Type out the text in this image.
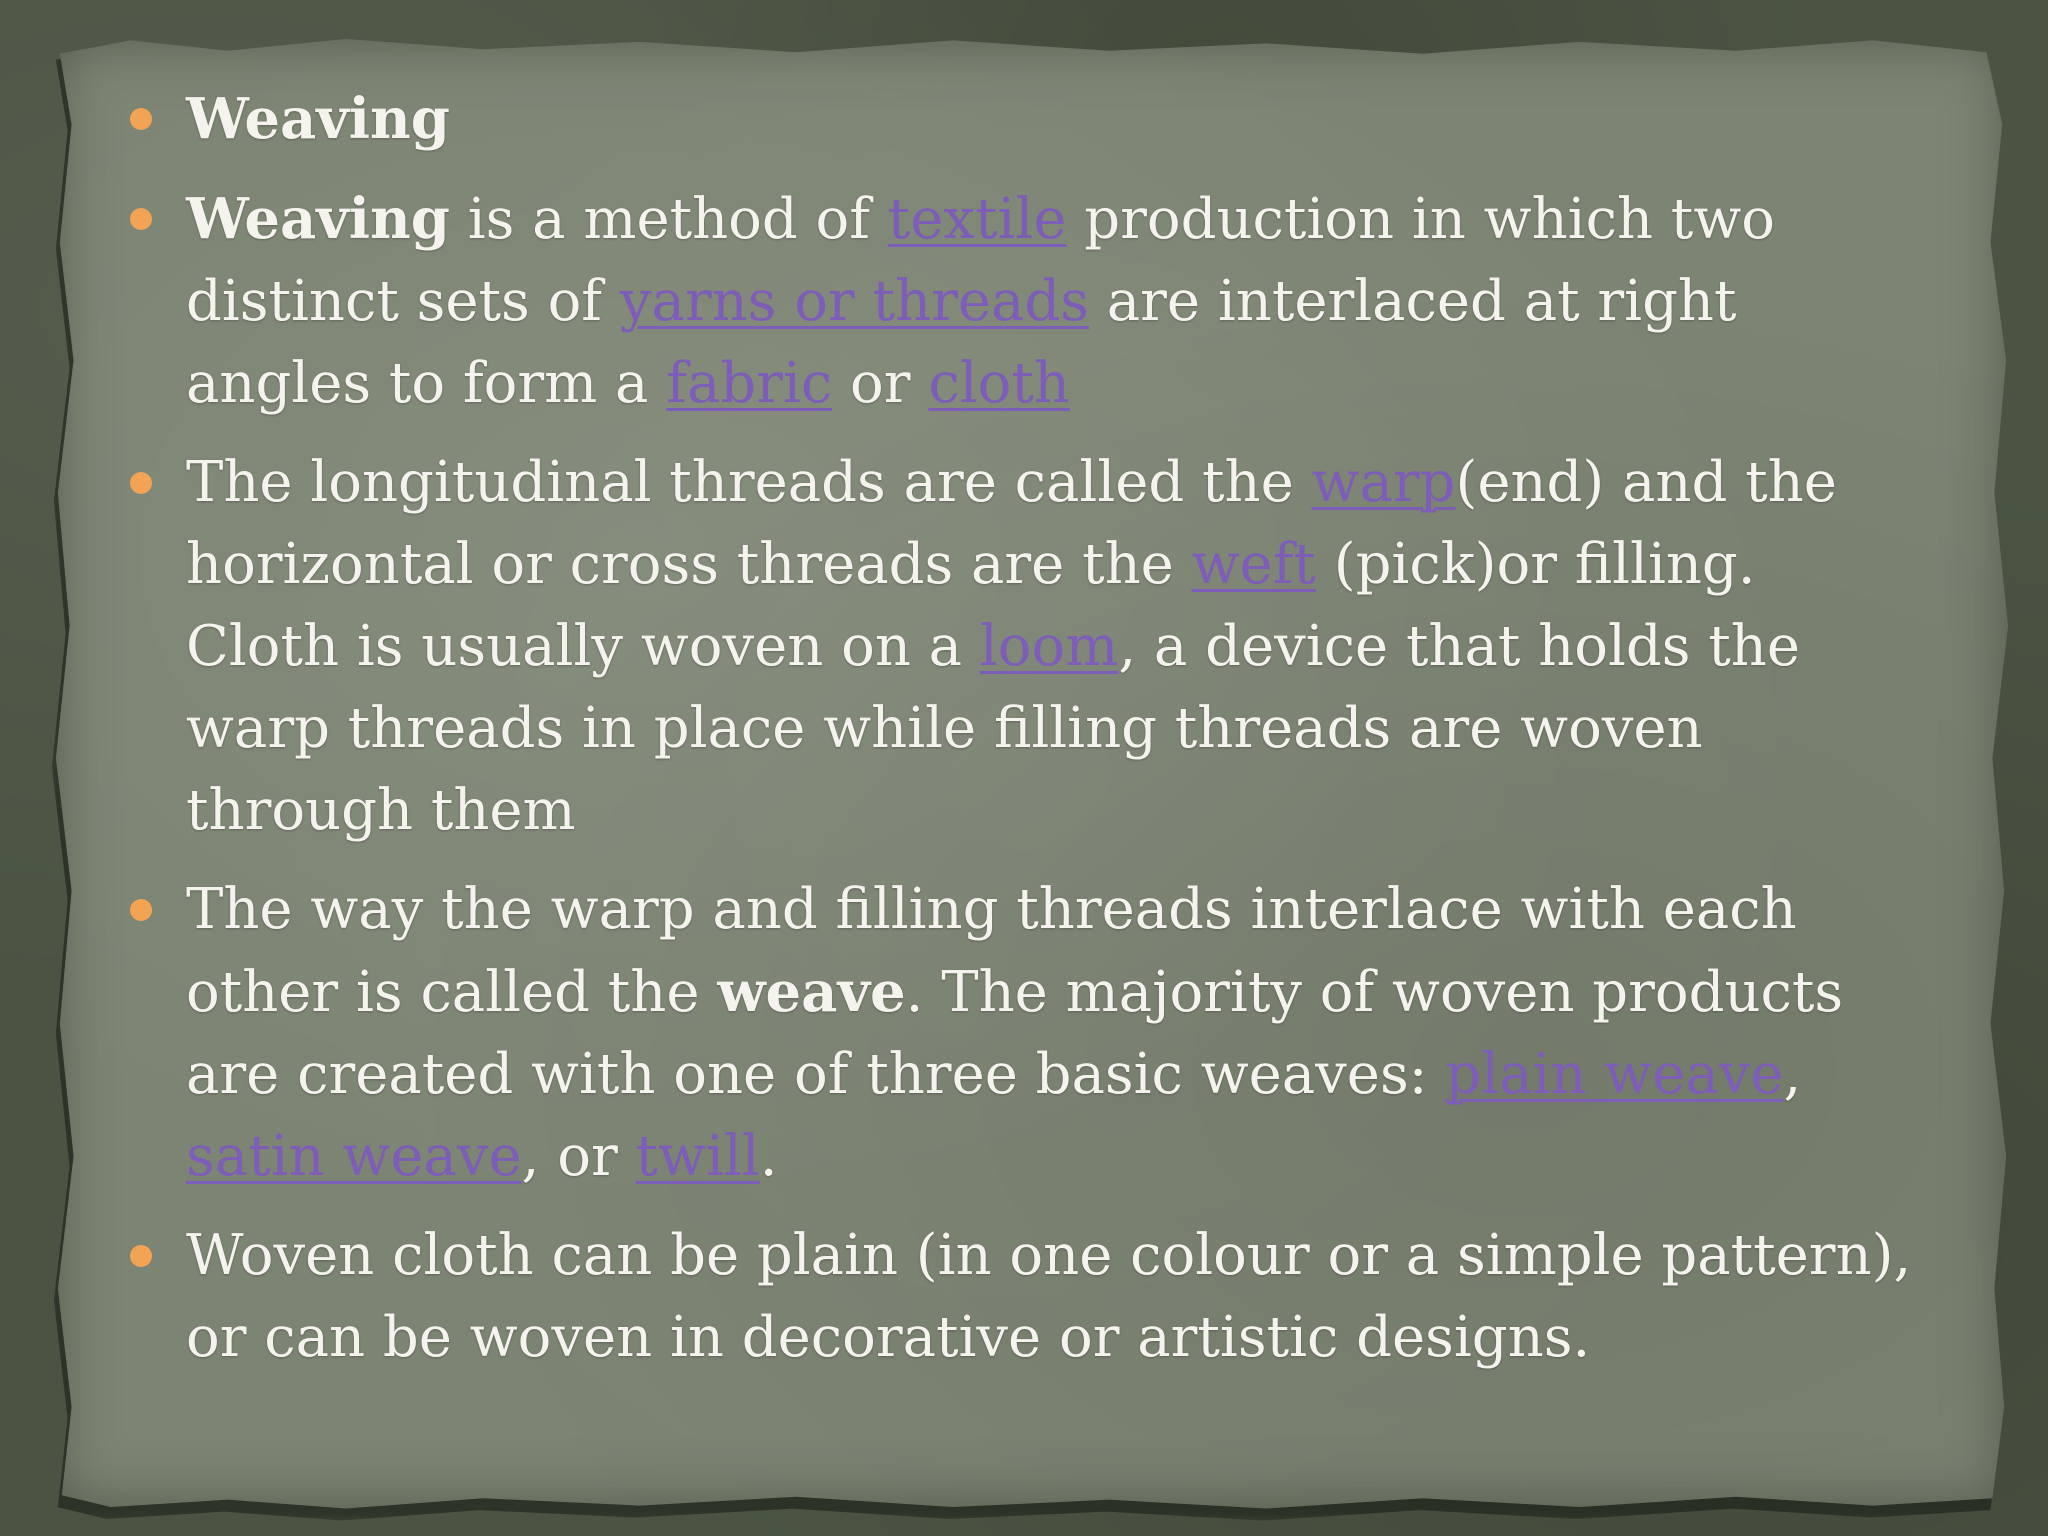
Weaving
Weaving is a method of textile production in which two distinct sets of yarns or threads are interlaced at right angles to form a fabric or cloth
The longitudinal threads are called the warp(end) and the horizontal or cross threads are the weft (pick)or filling. Cloth is usually woven on a loom, a device that holds the warp threads in place while filling threads are woven through them
The way the warp and filling threads interlace with each other is called the weave. The majority of woven products are created with one of three basic weaves: plain weave, satin weave, or twill.
Woven cloth can be plain (in one colour or a simple pattern), or can be woven in decorative or artistic designs.
